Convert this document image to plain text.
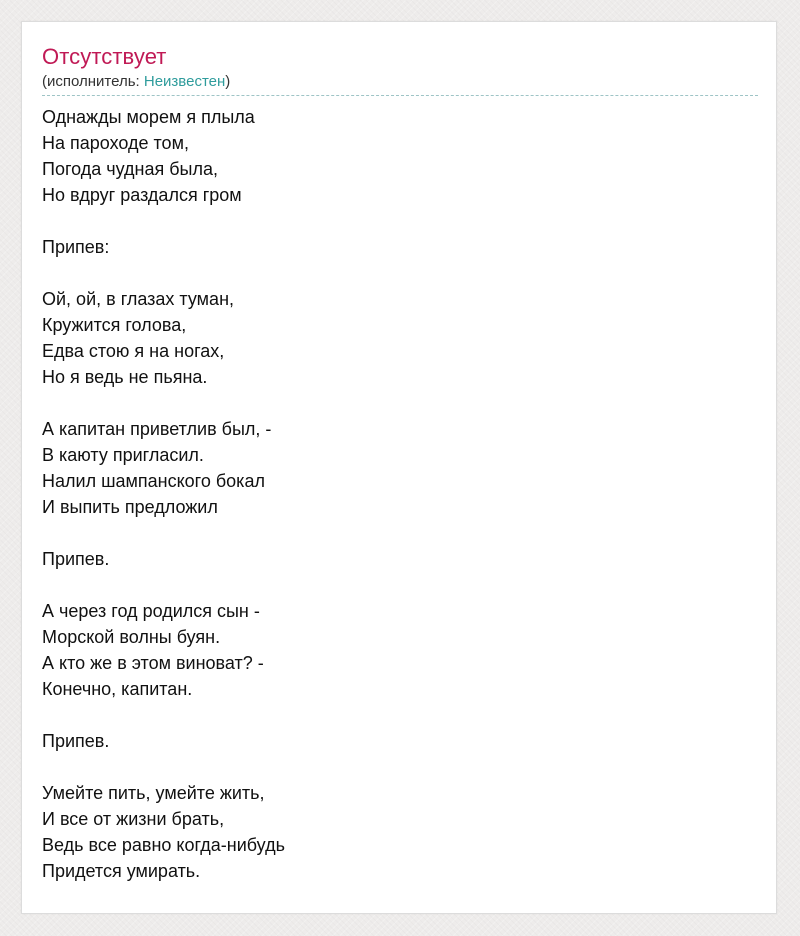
Отсутствует
(исполнитель: Неизвестен)
Однажды морем я плыла
На пароходе том,
Погода чудная была,
Но вдруг раздался гром
Припев:
Ой, ой, в глазах туман,
Кружится голова,
Едва стою я на ногах,
Но я ведь не пьяна.
А капитан приветлив был, -
В каюту пригласил.
Налил шампанского бокал
И выпить предложил
Припев.
А через год родился сын -
Морской волны буян.
А кто же в этом виноват? -
Конечно, капитан.
Припев.
Умейте пить, умейте жить,
И все от жизни брать,
Ведь все равно когда-нибудь
Придется умирать.
